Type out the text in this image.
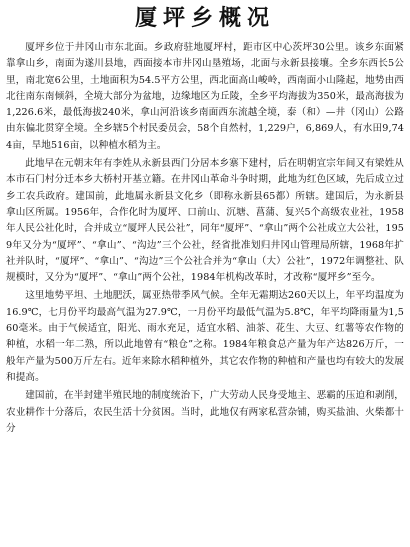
厦坪乡概况

厦坪乡位于井冈山市东北面。乡政府驻地厦坪村，距市区中心茨坪30公里。该乡东面紧靠拿山乡，南面为遂川县地，西面接本市井冈山垦殖场，北面与永新县接壤。全乡东西长5公里，南北宽6公里，土地面积为54.5平方公里，西北面高山峻岭，西南面小山隆起，地势由西北往南东南倾斜，全境大部分为盆地，边缘地区为丘陵，全乡平均海拔为350米，最高海拔为1,226.6米，最低海拔240米，拿山河沿该乡南面西东流越全境，泰（和）—井（冈山）公路由东偏北贯穿全境。全乡辖5个村民委员会，58个自然村，1,229户，6,869人，有水田9,744亩，旱地516亩，以种植水稻为主。

此地早在元朝末年有李姓从永新县西门分居本乡寨下建村，后在明朝宣宗年间又有梁姓从本市石门村分迁本乡大桥村开基立籍。在井冈山革命斗争时期，此地为红色区域，先后成立过乡工农兵政府。建国前，此地属永新县文化乡（即称永新县65都）所辖。建国后，为永新县拿山区所属。1956年，合作化时为厦坪、口前山、沉塘、菖蒲、复兴5个高级农业社，1958年人民公社化时，合并成立“厦坪人民公社”，同年“厦坪”、“拿山”两个公社成立大公社，1959年又分为“厦坪”、“拿山”、“沟边”三个公社，经省批准划归井冈山管理局所辖，1968年扩社并队时，“厦坪”、“拿山”、“沟边”三个公社合并为“拿山（大）公社”，1972年调整社、队规模时，又分为“厦坪”、“拿山”两个公社，1984年机构改革时，才改称“厦坪乡”至今。

这里地势平坦、土地肥沃，属亚热带季风气候。全年无霜期达260天以上，年平均温度为16.9℃，七月份平均最高气温为27.9℃，一月份平均最低气温为5.8℃，年平均降雨量为1,560毫米。由于气候适宜，阳光、雨水充足，适宜水稻、油茶、花生、大豆、红薯等农作物的种植，水稻一年二熟，所以此地曾有“粮仓”之称。1984年粮食总产量为年产达826万斤，一般年产量为500万斤左右。近年来除水稻种植外，其它农作物的种植和产量也均有较大的发展和提高。

建国前，在半封建半殖民地的制度统治下，广大劳动人民身受地主、恶霸的压迫和剥削，农业耕作十分落后，农民生活十分贫困。当时，此地仅有两家私营杂铺，购买盐油、火柴都十分
